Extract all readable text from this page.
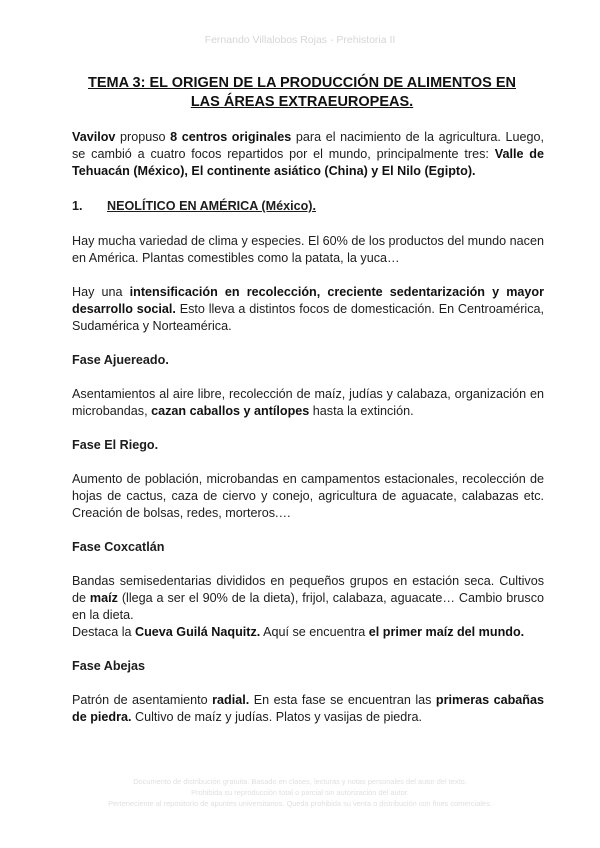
Fernando Villalobos Rojas - Prehistoria II
TEMA 3: EL ORIGEN DE LA PRODUCCIÓN DE ALIMENTOS EN
LAS ÁREAS EXTRAEUROPEAS.

Vavilov propuso 8 centros originales para el nacimiento de la agricultura. Luego, se cambió a cuatro focos repartidos por el mundo, principalmente tres: Valle de Tehuacán (México), El continente asiático (China) y El Nilo (Egipto).

1. NEOLÍTICO EN AMÉRICA (México).

Hay mucha variedad de clima y especies. El 60% de los productos del mundo nacen en América. Plantas comestibles como la patata, la yuca…

Hay una intensificación en recolección, creciente sedentarización y mayor desarrollo social. Esto lleva a distintos focos de domesticación. En Centroamérica, Sudamérica y Norteamérica.

Fase Ajuereado.

Asentamientos al aire libre, recolección de maíz, judías y calabaza, organización en microbandas, cazan caballos y antílopes hasta la extinción.

Fase El Riego.

Aumento de población, microbandas en campamentos estacionales, recolección de hojas de cactus, caza de ciervo y conejo, agricultura de aguacate, calabazas etc. Creación de bolsas, redes, morteros.…

Fase Coxcatlán

Bandas semisedentarias divididos en pequeños grupos en estación seca. Cultivos de maíz (llega a ser el 90% de la dieta), frijol, calabaza, aguacate… Cambio brusco en la dieta.

Destaca la Cueva Guilá Naquitz. Aquí se encuentra el primer maíz del mundo.

Fase Abejas

Patrón de asentamiento radial. En esta fase se encuentran las primeras cabañas de piedra. Cultivo de maíz y judías. Platos y vasijas de piedra.

Documento de distribución gratuita. Basado en clases, lecturas y notas personales del autor del texto.
Prohibida su reproducción total o parcial sin autorización del autor.
Perteneciente al repositorio de apuntes universitarios. Queda prohibida su venta o distribución con fines comerciales.
